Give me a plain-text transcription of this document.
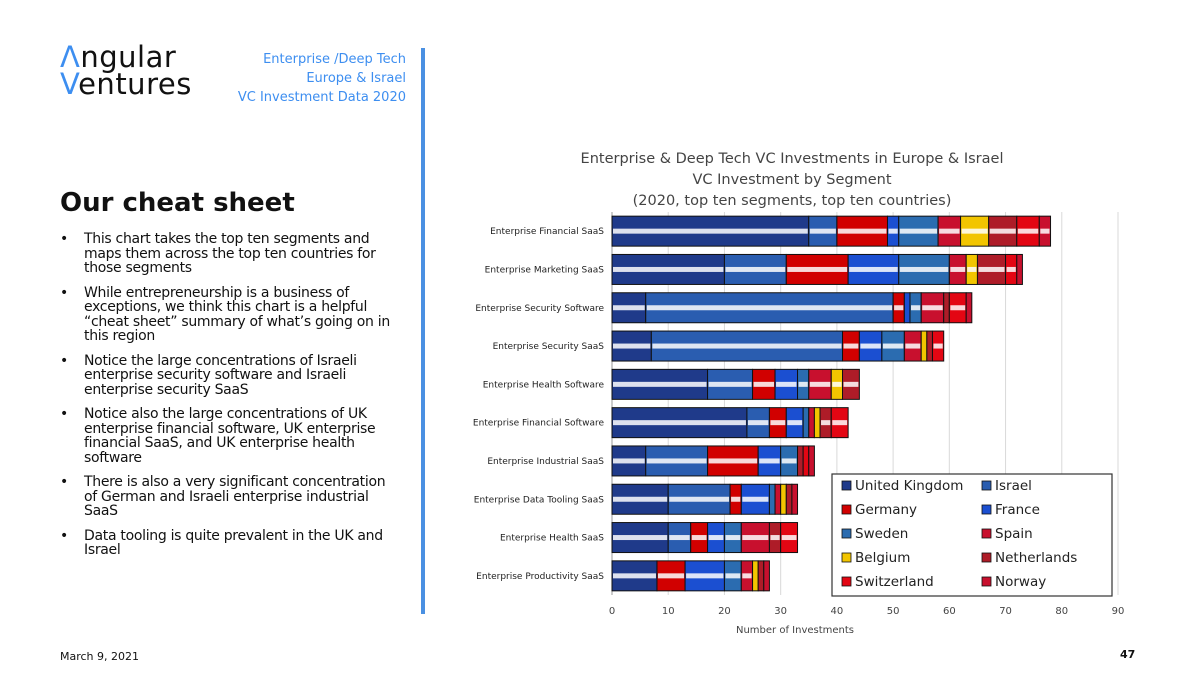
Λngular
Ventures
Enterprise /Deep Tech
Europe & Israel
VC Investment Data 2020
Our cheat sheet
• This chart takes the top ten segments and maps them across the top ten countries for those segments
• While entrepreneurship is a business of exceptions, we think this chart is a helpful “cheat sheet” summary of what’s going on in this region
• Notice the large concentrations of Israeli enterprise security software and Israeli enterprise security SaaS
• Notice also the large concentrations of UK enterprise financial software, UK enterprise financial SaaS, and UK enterprise health software
• There is also a very significant concentration of German and Israeli enterprise industrial SaaS
• Data tooling is quite prevalent in the UK and Israel
Enterprise & Deep Tech VC Investments in Europe & Israel
VC Investment by Segment
(2020, top ten segments, top ten countries)
0	10	20	30	40	50	60	70	80	90
Number of Investments
Enterprise Financial SaaS
Enterprise Marketing SaaS
Enterprise Security Software
Enterprise Security SaaS
Enterprise Health Software
Enterprise Financial Software
Enterprise Industrial SaaS
Enterprise Data Tooling SaaS
Enterprise Health SaaS
Enterprise Productivity SaaS
United Kingdom Israel
Germany	France
Sweden	Spain
Belgium	Netherlands
Switzerland	Norway
March 9, 2021	47
